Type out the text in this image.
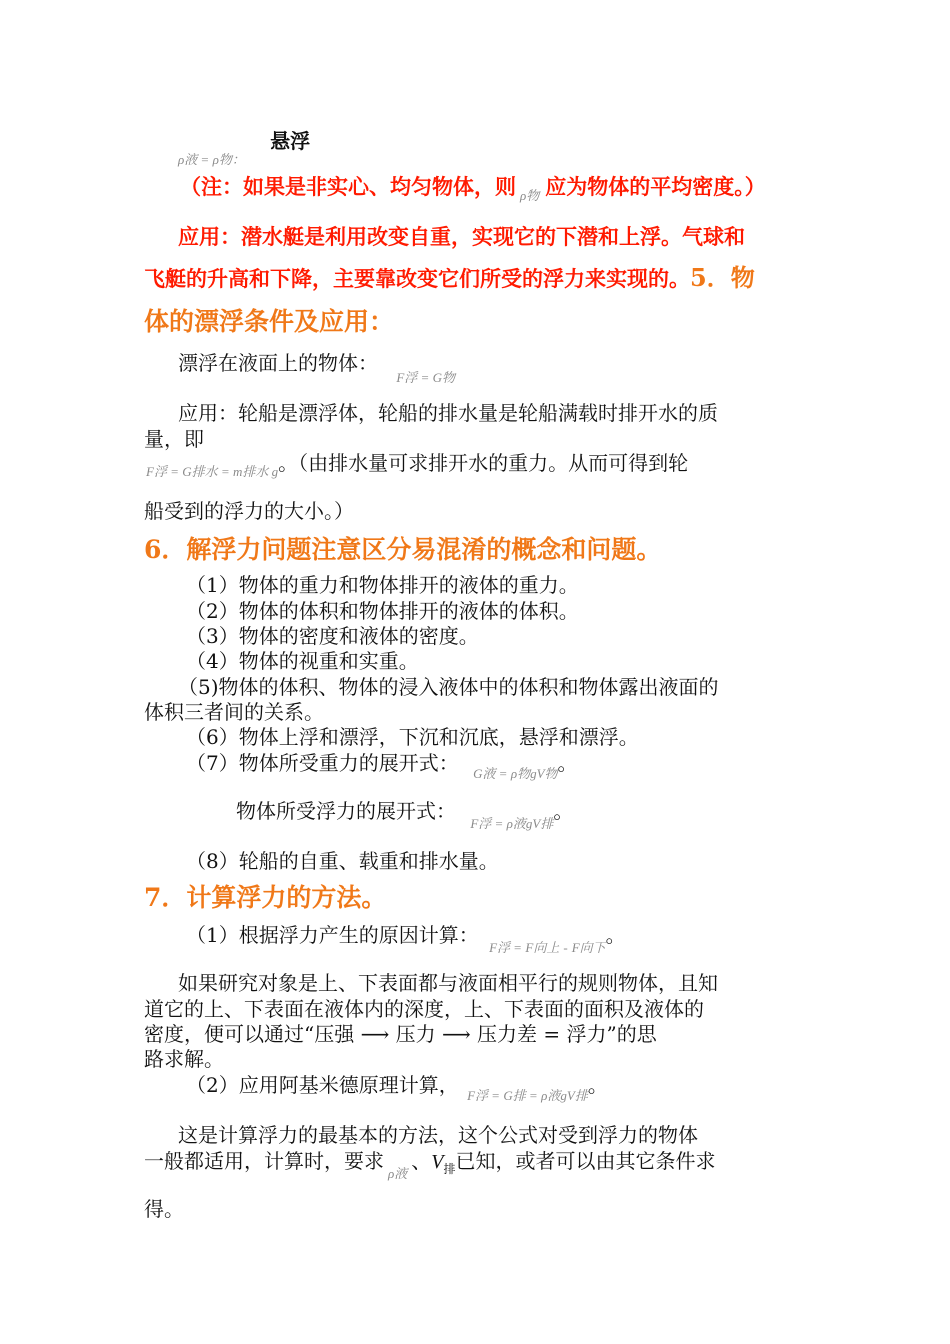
$_{\rho 液 = \rho 物:}$ 悬浮
（注：如果是非实心、均匀物体，则 $_{\rho 物}$ 应为物体的平均密度。）
应用：潜水艇是利用改变自重，实现它的下潜和上浮。气球和
飞艇的升高和下降，主要靠改变它们所受的浮力来实现的。5．物
体的漂浮条件及应用：
漂浮在液面上的物体： $_{F浮 = G物}$
应用：轮船是漂浮体，轮船的排水量是轮船满载时排开水的质
量，即
$_{F浮 = G排水 = m排水 g}$。（由排水量可求排开水的重力。从而可得到轮
船受到的浮力的大小。）
6．解浮力问题注意区分易混淆的概念和问题。
（1）物体的重力和物体排开的液体的重力。
（2）物体的体积和物体排开的液体的体积。
（3）物体的密度和液体的密度。
（4）物体的视重和实重。
（5)物体的体积、物体的浸入液体中的体积和物体露出液面的
体积三者间的关系。
（6）物体上浮和漂浮，下沉和沉底，悬浮和漂浮。
（7）物体所受重力的展开式： $_{G液 = \rho 物gV物}$。
物体所受浮力的展开式： $_{F浮 = \rho 液gV排}$。
（8）轮船的自重、载重和排水量。
7．计算浮力的方法。
（1）根据浮力产生的原因计算： $_{F浮 = F向上 - F向下}$。
如果研究对象是上、下表面都与液面相平行的规则物体，且知
道它的上、下表面在液体内的深度，上、下表面的面积及液体的
密度，便可以通过“压强 ⟶ 压力 ⟶ 压力差 = 浮力”的思
路求解。
（2）应用阿基米德原理计算， $_{F浮 = G排 = \rho 液gV排}$。
这是计算浮力的最基本的方法，这个公式对受到浮力的物体
一般都适用，计算时，要求$_{\rho 液}$、$V_排$已知，或者可以由其它条件求
得。
